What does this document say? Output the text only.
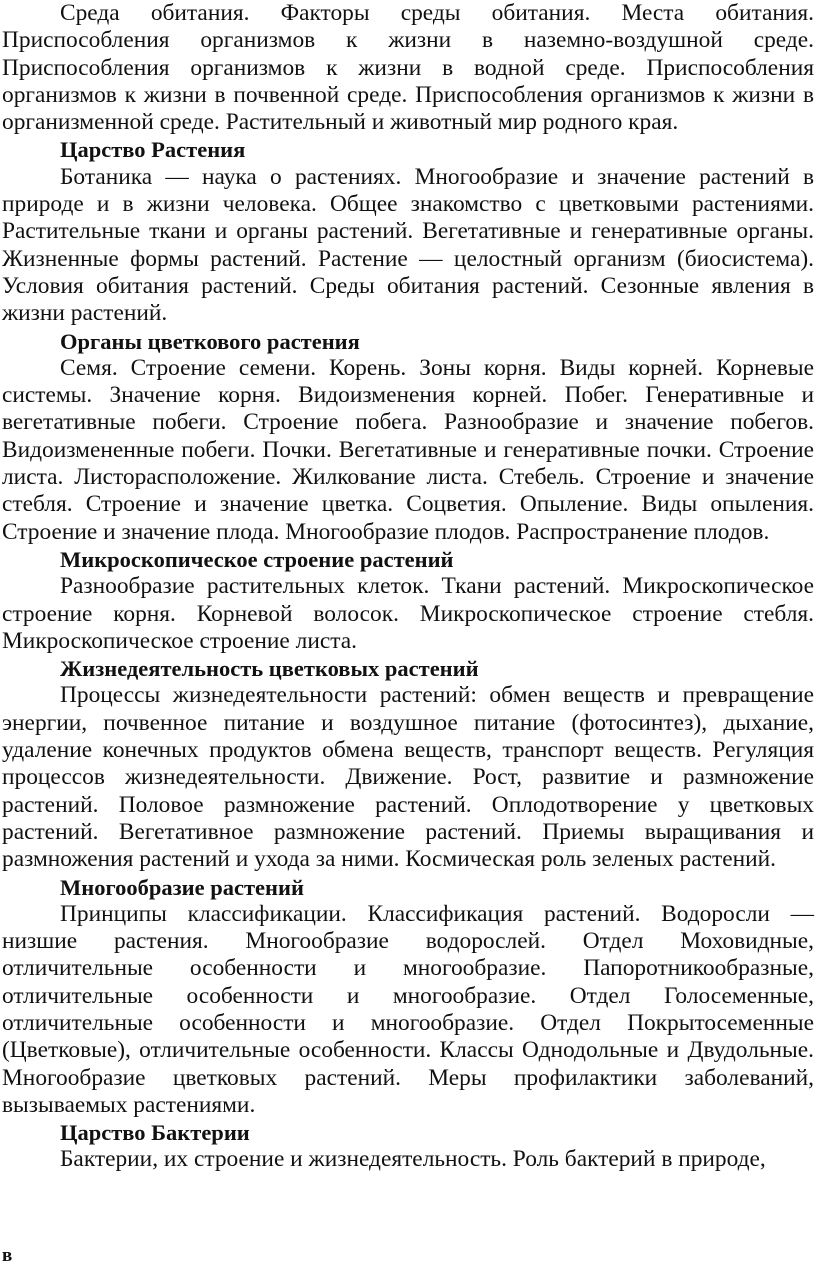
Среда обитания. Факторы среды обитания. Места обитания. Приспособления организмов к жизни в наземно-воздушной среде. Приспособления организмов к жизни в водной среде. Приспособления организмов к жизни в почвенной среде. Приспособления организмов к жизни в организменной среде. Растительный и животный мир родного края.

Царство Растения

Ботаника — наука о растениях. Многообразие и значение растений в природе и в жизни человека. Общее знакомство с цветковыми растениями. Растительные ткани и органы растений. Вегетативные и генеративные органы. Жизненные формы растений. Растение — целостный организм (биосистема). Условия обитания растений. Среды обитания растений. Сезонные явления в жизни растений.

Органы цветкового растения

Семя. Строение семени. Корень. Зоны корня. Виды корней. Корневые системы. Значение корня. Видоизменения корней. Побег. Генеративные и вегетативные побеги. Строение побега. Разнообразие и значение побегов. Видоизмененные побеги. Почки. Вегетативные и генеративные почки. Строение листа. Листорасположение. Жилкование листа. Стебель. Строение и значение стебля. Строение и значение цветка. Соцветия. Опыление. Виды опыления. Строение и значение плода. Многообразие плодов. Распространение плодов.

Микроскопическое строение растений

Разнообразие растительных клеток. Ткани растений. Микроскопическое строение корня. Корневой волосок. Микроскопическое строение стебля. Микроскопическое строение листа.

Жизнедеятельность цветковых растений

Процессы жизнедеятельности растений: обмен веществ и превращение энергии, почвенное питание и воздушное питание (фотосинтез), дыхание, удаление конечных продуктов обмена веществ, транспорт веществ. Регуляция процессов жизнедеятельности. Движение. Рост, развитие и размножение растений. Половое размножение растений. Оплодотворение у цветковых растений. Вегетативное размножение растений. Приемы выращивания и размножения растений и ухода за ними. Космическая роль зеленых растений.

Многообразие растений

Принципы классификации. Классификация растений. Водоросли — низшие растения. Многообразие водорослей. Отдел Моховидные, отличительные особенности и многообразие. Папоротникообразные, отличительные особенности и многообразие. Отдел Голосеменные, отличительные особенности и многообразие. Отдел Покрытосеменные (Цветковые), отличительные особенности. Классы Однодольные и Двудольные. Многообразие цветковых растений. Меры профилактики заболеваний, вызываемых растениями.

Царство Бактерии

Бактерии, их строение и жизнедеятельность. Роль бактерий в природе,

в
